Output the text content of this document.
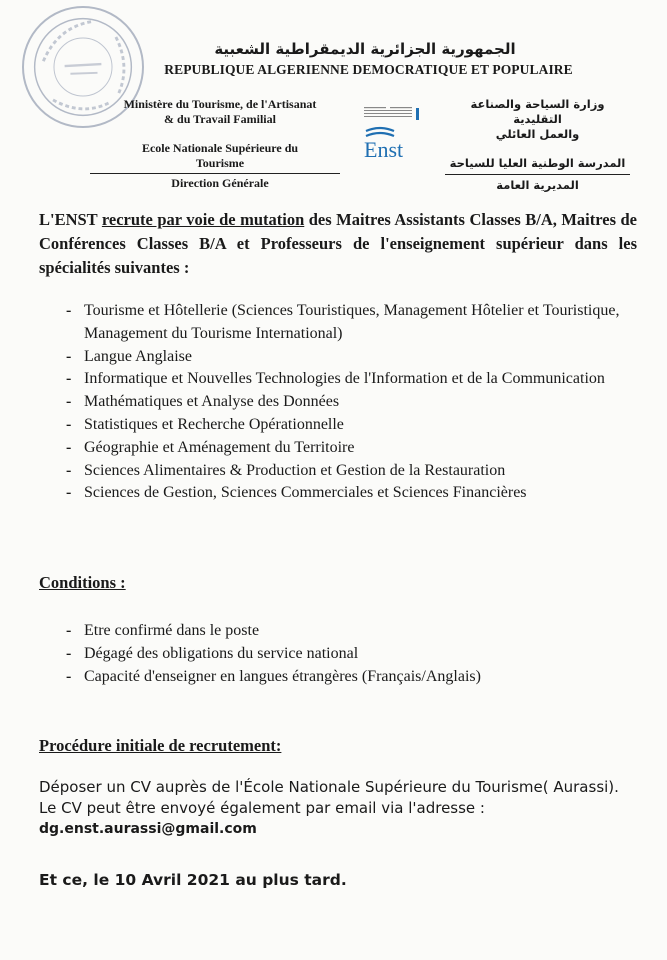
الجمهورية الجزائرية الديمقراطية الشعبية
REPUBLIQUE ALGERIENNE DEMOCRATIQUE ET POPULAIRE
Ministère du Tourisme, de l'Artisanat
& du Travail Familial
Ecole Nationale Supérieure du
Tourisme
Direction Générale
Enst
وزارة السياحة والصناعة التقليدية
والعمل العائلي
المدرسة الوطنية العليا للسياحة
المديرية العامة
L'ENST recrute par voie de mutation des Maitres Assistants Classes B/A, Maitres de Conférences Classes B/A et Professeurs de l'enseignement supérieur dans les spécialités suivantes :
- Tourisme et Hôtellerie (Sciences Touristiques, Management Hôtelier et Touristique, Management du Tourisme International)
- Langue Anglaise
- Informatique et Nouvelles Technologies de l'Information et de la Communication
- Mathématiques et Analyse des Données
- Statistiques et Recherche Opérationnelle
- Géographie et Aménagement du Territoire
- Sciences Alimentaires & Production et Gestion de la Restauration
- Sciences de Gestion, Sciences Commerciales et Sciences Financières
Conditions :
- Etre confirmé dans le poste
- Dégagé des obligations du service national
- Capacité d'enseigner en langues étrangères (Français/Anglais)
Procédure initiale de recrutement:
Déposer un CV auprès de l'École Nationale Supérieure du Tourisme( Aurassi). Le CV peut être envoyé également par email via l'adresse :
dg.enst.aurassi@gmail.com
Et ce, le 10 Avril 2021 au plus tard.
